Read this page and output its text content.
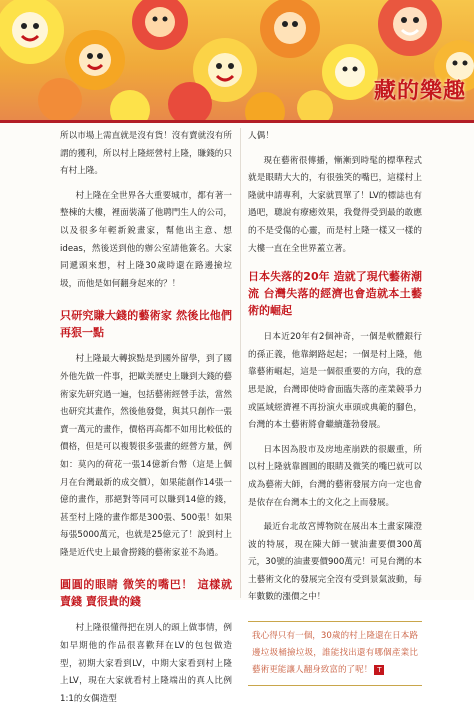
藏的樂趣

所以市場上需直就是沒有貨！沒有賣就沒有所謂的獲利，所以村上隆經營村上隆，賺錢的只有村上隆。

村上隆在全世界各大重要城市，都有著一整棟的大樓，裡面裝滿了他聘門生人的公司，以及很多年輕新銳畫家，幫他出主意、想ideas，然後送到他的辦公室請他簽名。大家同遞頭來想，村上隆30歲時還在路邊撿垃圾，而他是如何翻身起來的？！

只研究賺大錢的藝術家 然後比他們再狠一點

村上隆最大轉捩點是到國外留學，到了國外他先做一件事，把歐美歷史上賺到大錢的藝術家先研究過一遍，包括藝術經營手法，當然也研究其畫作，然後他發覺，與其只創作一張賣一萬元的畫作，價格再高都不如用比較低的價格，但是可以複製很多張畫的經營方量，例如：莫內的荷花一張14億新台幣（這是上個月在台灣最新的成交價），如果能創作14張一億的畫作，那絕對等同可以賺到14億的錢，甚至村上隆的畫作都是300張、500張！如果每張5000萬元，也就是25億元了！說到村上隆是近代史上最會撈錢的藝術家並不為過。

圓圓的眼睛 微笑的嘴巴！ 這樣就賣錢 賣很貴的錢

村上隆很懂得把在別人的頭上做事情，例如早期他的作品很喜歡拜在LV的包包做造型，初期大家看到LV，中期大家看到村上隆上LV，現在大家就看村上隆端出的真人比例1:1的女偶造型

人偶！

現在藝術很傳播，慚漸到時髦的標準程式就是眼睛大大的，有很強笑的嘴巴，這樣村上隆就申請專利，大家就買單了！LV的標誌也有過吧，聰說有療癒效果，我覺得受到最的敢應的不是受傷的心靈，而是村上隆一樣又一樣的大樓一直在全世界蓋立著。

日本失落的20年 造就了現代藝術潮流 台灣失落的經濟也會造就本土藝術的崛起

日本近20年有2個神奇，一個是軟體銀行的孫正義，他靠網路起起；一個是村上隆，他靠藝術崛起，這是一個很重要的方向，我的意思是說，台灣即使時會面臨失落的產業競爭力或區域經濟裡不再扮演火車頭或典範的腳色，台灣的本土藝術將會繼續蓬勃發展。

日本因為股市及房地產崩跌的很嚴重，所以村上隆就靠圓圓的眼睛及微笑的嘴巴就可以成為藝術大師，台灣的藝術發展方向一定也會是依存在台灣本土的文化之上而發展。

最近台北故宮博物院在展出本土畫家陳澄波的特展，現在陳大師一號油畫要價300萬元，30號的油畫要價900萬元！可見台灣的本土藝術文化的發展完全沒有受到景氣波動，每年數數的漲價之中！

我心得只有一個，30歲的村上隆還在日本路邊垃圾桶撿垃圾，誰能找出還有哪個產業比藝術更能讓人翻身致富的了呢！ T
